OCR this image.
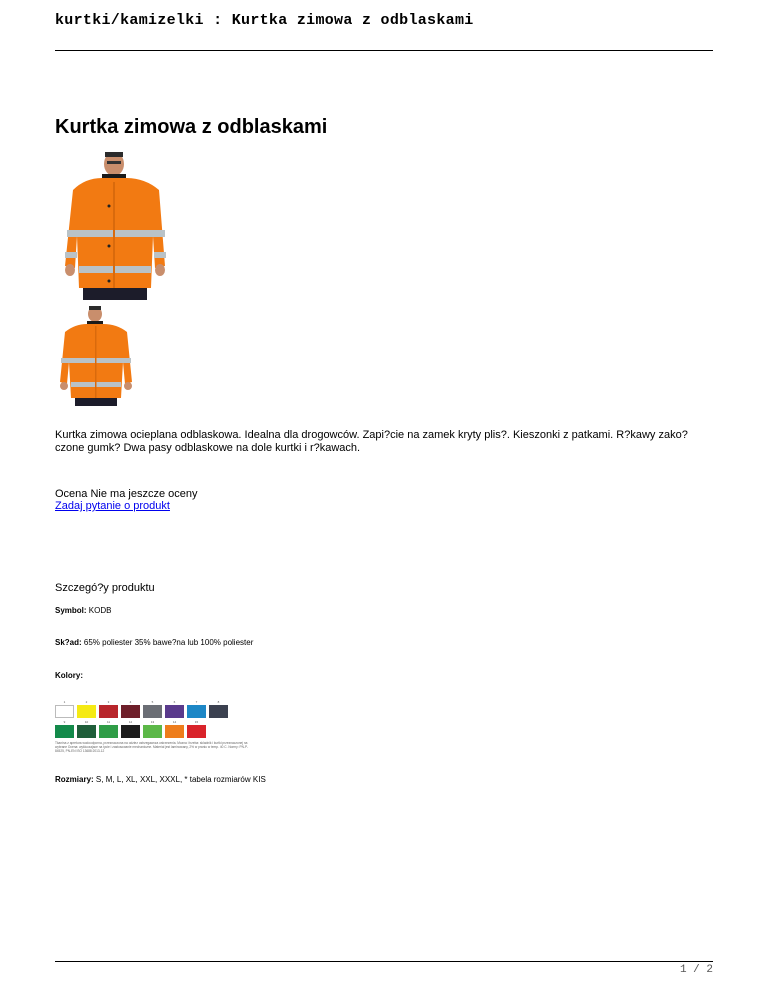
kurtki/kamizelki : Kurtka zimowa z odblaskami
Kurtka zimowa z odblaskami
Kurtka zimowa ocieplana odblaskowa. Idealna dla drogowców. Zapi?cie na zamek kryty plis?. Kieszonki z patkami. R?kawy zako?czone gumk? Dwa pasy odblaskowe na dole kurtki i r?kawach.
Ocena Nie ma jeszcze oceny
Zadaj pytanie o produkt
Szczegó?y produktu
Symbol: KODB
Sk?ad: 65% poliester 35% bawe?na lub 100% poliester
Kolory:
1	2	3	4	5	6	7	8
9	10	11	12	13	14	15
Tkanina z apretura wodoodporna, przeznaczona na odziez ostrzegawcza ostrzezenia. Mozna i trzeba: skladnik i kurtki przeznaczonej na wybrane Ocena: wykluczajace na tycie i zastosowanie mechaniczne. Material jest laminowany, 2% w praniu w temp. 40 C. Normy: PN-P-84525, PN-EN ISO 13688:2013-12
Rozmiary: S, M, L, XL, XXL, XXXL, * tabela rozmiarów KIS
1 / 2
